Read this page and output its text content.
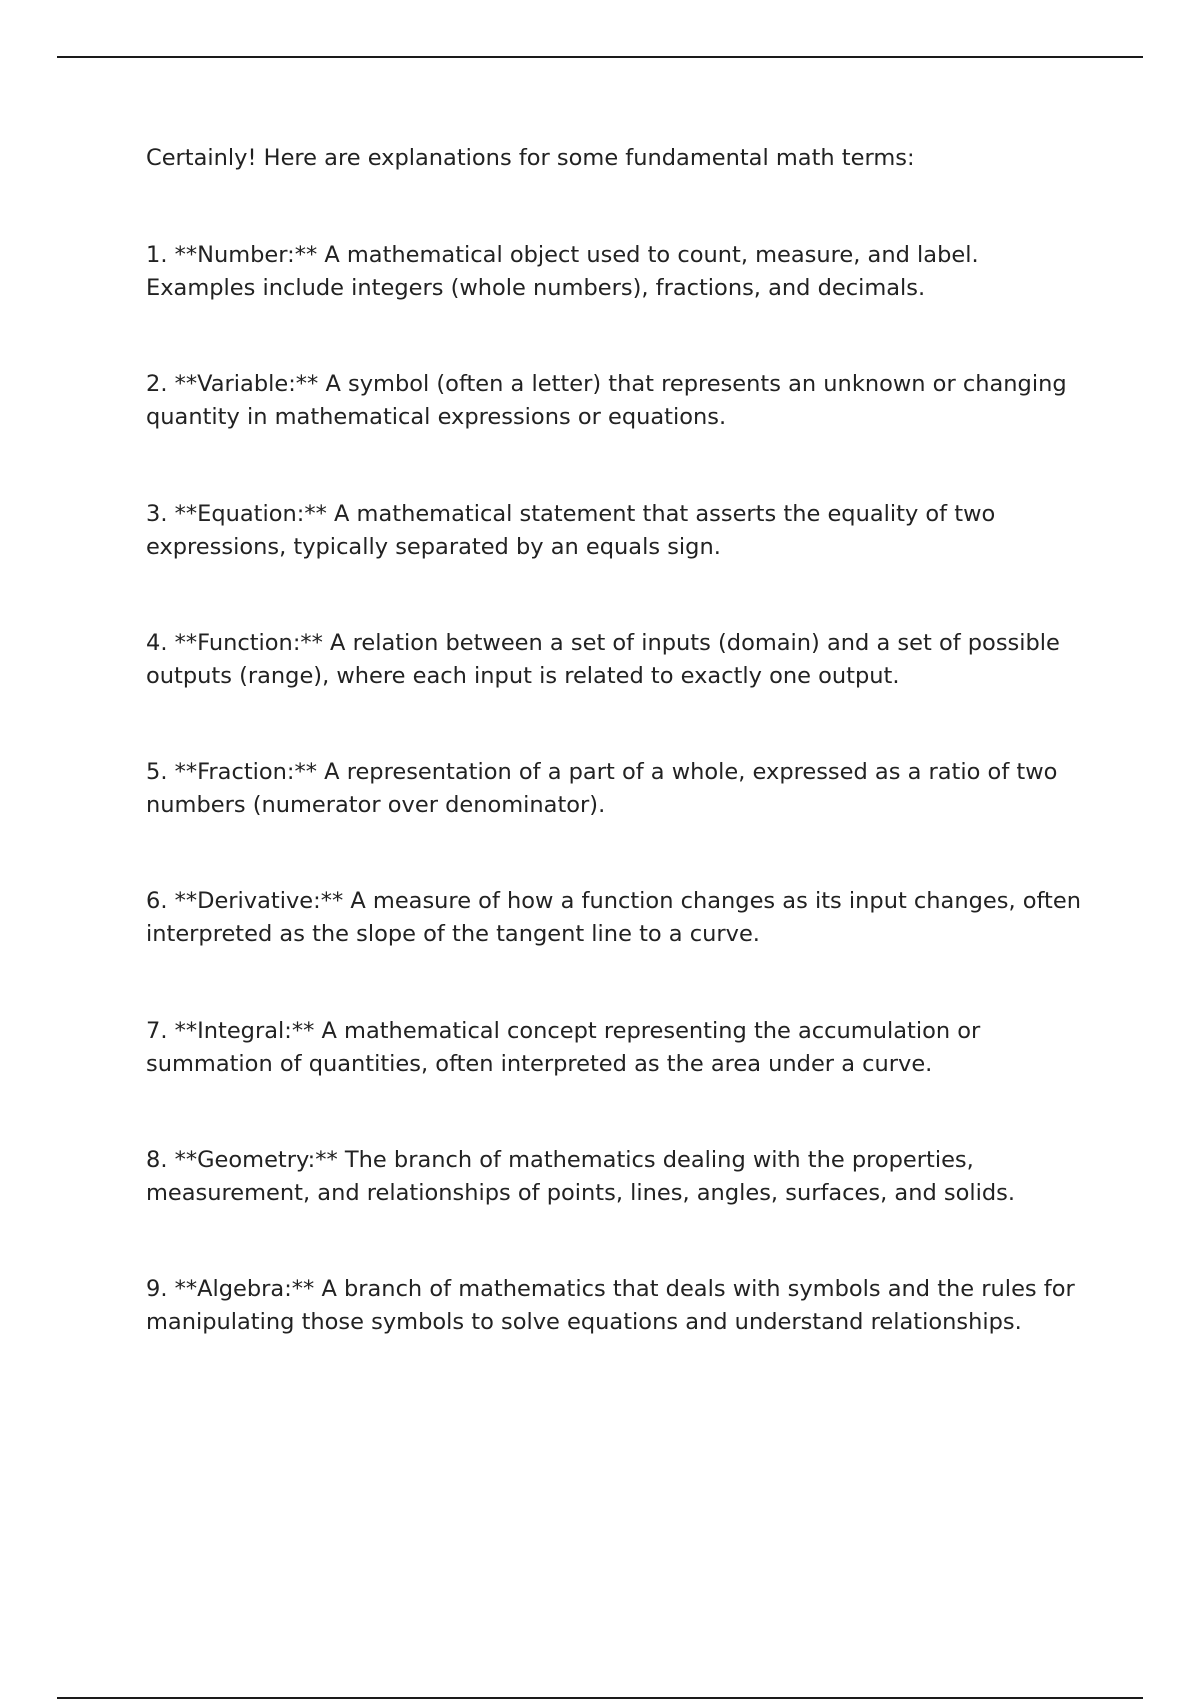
Certainly! Here are explanations for some fundamental math terms:

1. **Number:** A mathematical object used to count, measure, and label. Examples include integers (whole numbers), fractions, and decimals.

2. **Variable:** A symbol (often a letter) that represents an unknown or changing quantity in mathematical expressions or equations.

3. **Equation:** A mathematical statement that asserts the equality of two expressions, typically separated by an equals sign.

4. **Function:** A relation between a set of inputs (domain) and a set of possible outputs (range), where each input is related to exactly one output.

5. **Fraction:** A representation of a part of a whole, expressed as a ratio of two numbers (numerator over denominator).

6. **Derivative:** A measure of how a function changes as its input changes, often interpreted as the slope of the tangent line to a curve.

7. **Integral:** A mathematical concept representing the accumulation or summation of quantities, often interpreted as the area under a curve.

8. **Geometry:** The branch of mathematics dealing with the properties, measurement, and relationships of points, lines, angles, surfaces, and solids.

9. **Algebra:** A branch of mathematics that deals with symbols and the rules for manipulating those symbols to solve equations and understand relationships.
